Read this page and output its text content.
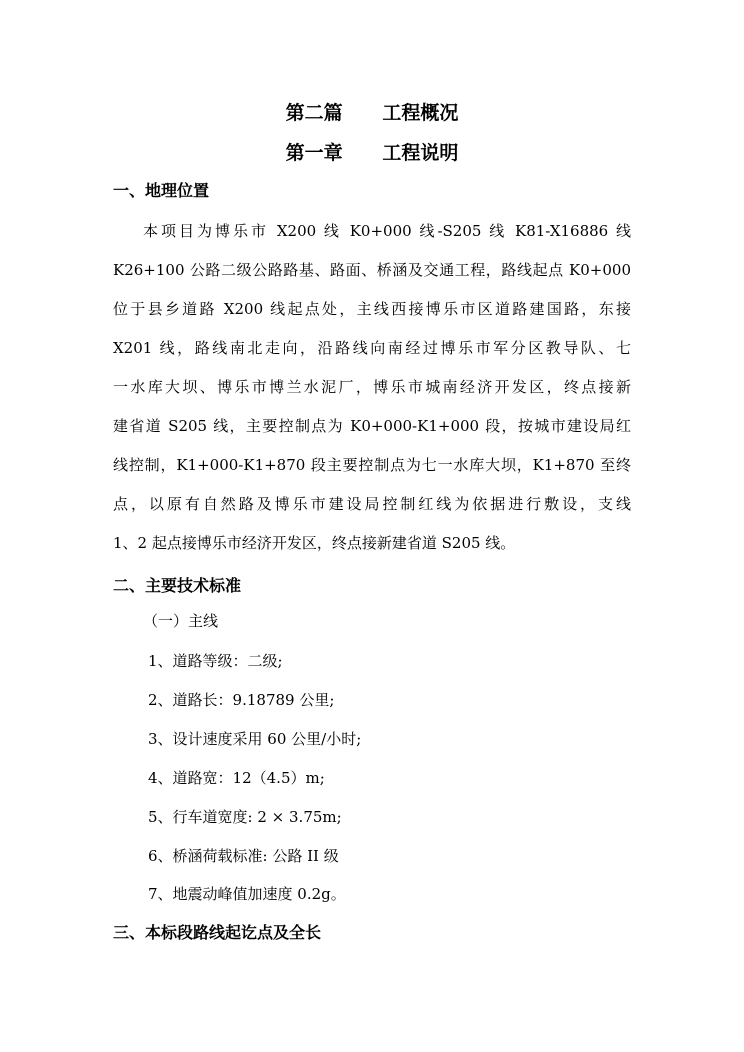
第二篇      工程概况
第一章      工程说明
一、地理位置
本项目为博乐市 X200 线 K0+000 线-S205 线 K81-X16886 线
K26+100 公路二级公路路基、路面、桥涵及交通工程，路线起点 K0+000
位于县乡道路 X200 线起点处，主线西接博乐市区道路建国路，东接
X201 线，路线南北走向，沿路线向南经过博乐市军分区教导队、七
一水库大坝、博乐市博兰水泥厂，博乐市城南经济开发区，终点接新
建省道 S205 线，主要控制点为 K0+000-K1+000 段，按城市建设局红
线控制，K1+000-K1+870 段主要控制点为七一水库大坝，K1+870 至终
点，以原有自然路及博乐市建设局控制红线为依据进行敷设，支线
1、2 起点接博乐市经济开发区，终点接新建省道 S205 线。
二、主要技术标准
（一）主线
1、道路等级：二级;
2、道路长：9.18789 公里;
3、设计速度采用 60 公里/小时;
4、道路宽：12（4.5）m;
5、行车道宽度: 2 × 3.75m;
6、桥涵荷载标准: 公路 II 级
7、地震动峰值加速度 0.2g。
三、本标段路线起讫点及全长
